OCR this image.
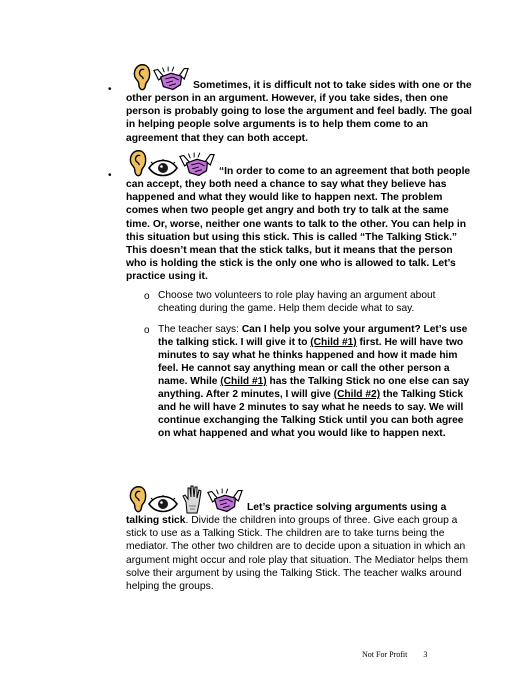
•	Sometimes, it is difficult not to take sides with one or the other person in an argument. However, if you take sides, then one person is probably going to lose the argument and feel badly. The goal in helping people solve arguments is to help them come to an agreement that they can both accept.
•	“In order to come to an agreement that both people can accept, they both need a chance to say what they believe has happened and what they would like to happen next. The problem comes when two people get angry and both try to talk at the same time. Or, worse, neither one wants to talk to the other. You can help in this situation but using this stick. This is called “The Talking Stick.” This doesn’t mean that the stick talks, but it means that the person who is holding the stick is the only one who is allowed to talk. Let’s practice using it.
o Choose two volunteers to role play having an argument about cheating during the game. Help them decide what to say.
o The teacher says: Can I help you solve your argument? Let’s use the talking stick. I will give it to (Child #1) first. He will have two minutes to say what he thinks happened and how it made him feel. He cannot say anything mean or call the other person a name. While (Child #1) has the Talking Stick no one else can say anything. After 2 minutes, I will give (Child #2) the Talking Stick and he will have 2 minutes to say what he needs to say. We will continue exchanging the Talking Stick until you can both agree on what happened and what you would like to happen next.
Let’s practice solving arguments using a talking stick. Divide the children into groups of three. Give each group a stick to use as a Talking Stick. The children are to take turns being the mediator. The other two children are to decide upon a situation in which an argument might occur and role play that situation. The Mediator helps them solve their argument by using the Talking Stick. The teacher walks around helping the groups.
Not For Profit 3
